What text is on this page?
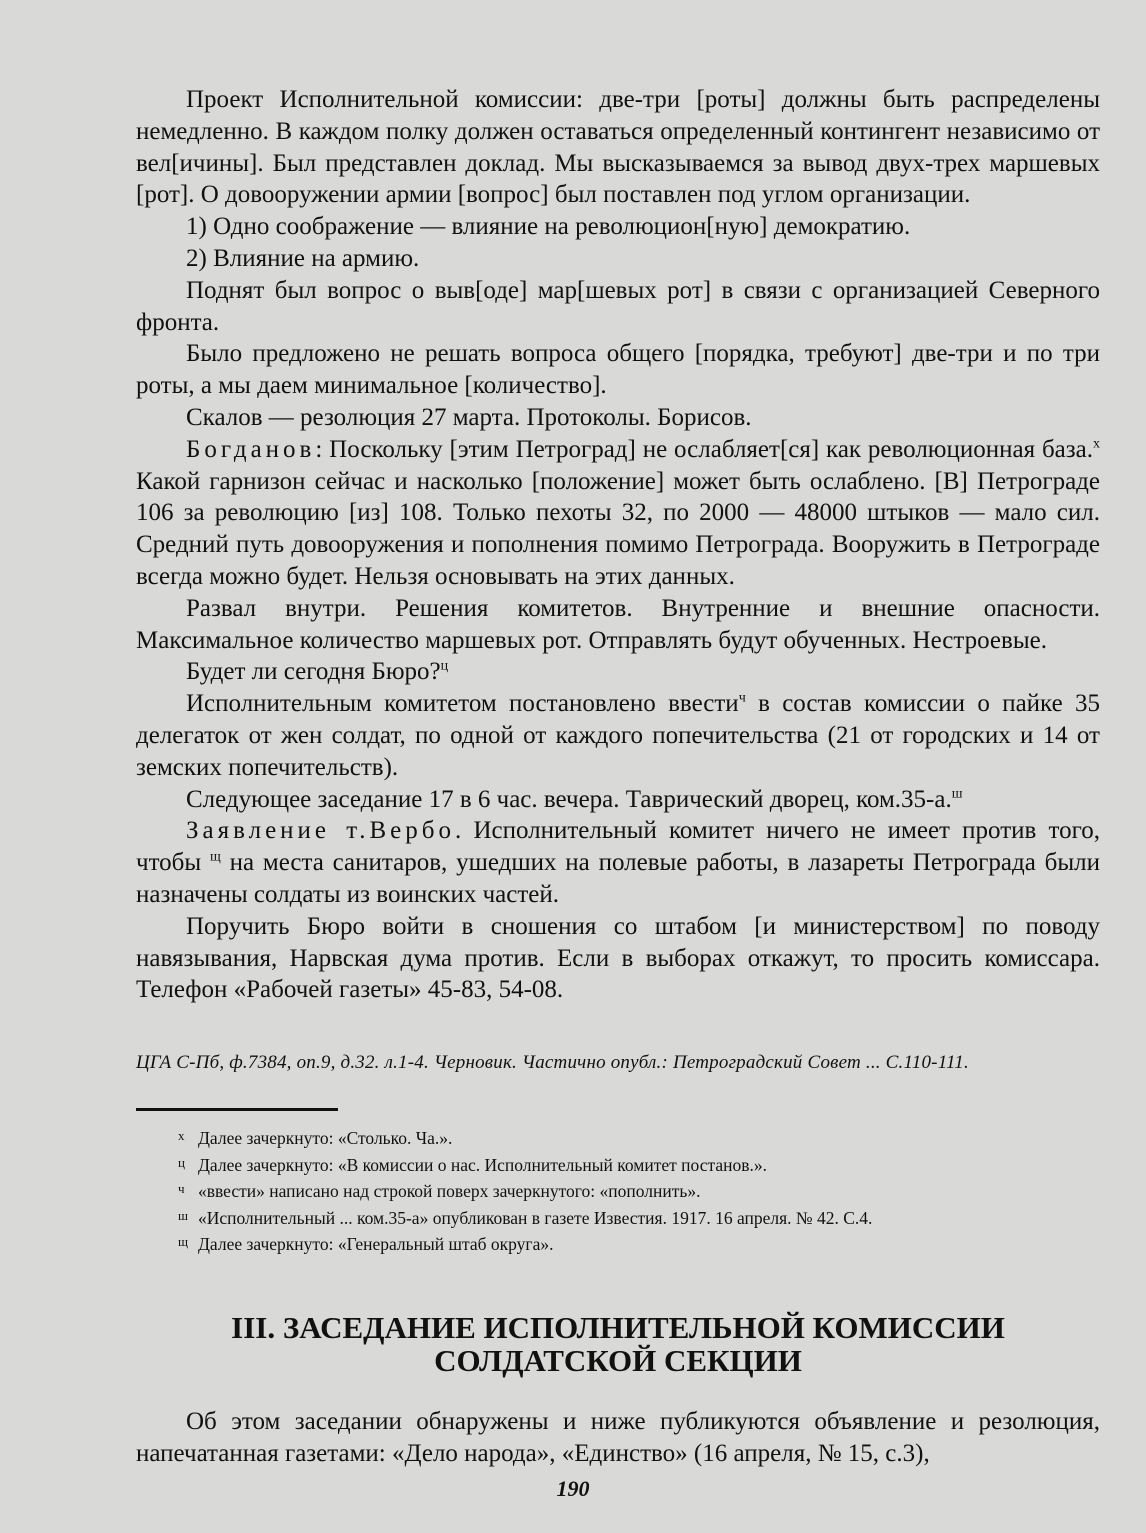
Проект Исполнительной комиссии: две-три [роты] должны быть распределены немедленно. В каждом полку должен оставаться определенный контингент независимо от вел[ичины]. Был представлен доклад. Мы высказываемся за вывод двух-трех маршевых [рот]. О довооружении армии [вопрос] был поставлен под углом организации.

1) Одно соображение — влияние на революцион[ную] демократию.

2) Влияние на армию.

Поднят был вопрос о выв[оде] мар[шевых рот] в связи с организацией Северного фронта.

Было предложено не решать вопроса общего [порядка, требуют] две-три и по три роты, а мы даем минимальное [количество].

Скалов — резолюция 27 марта. Протоколы. Борисов.

Богданов: Поскольку [этим Петроград] не ослабляет[ся] как революционная база.$^х$ Какой гарнизон сейчас и насколько [положение] может быть ослаблено. [В] Петрограде 106 за революцию [из] 108. Только пехоты 32, по 2000 — 48000 штыков — мало сил. Средний путь довооружения и пополнения помимо Петрограда. Вооружить в Петрограде всегда можно будет. Нельзя основывать на этих данных.

Развал внутри. Решения комитетов. Внутренние и внешние опасности. Максимальное количество маршевых рот. Отправлять будут обученных. Нестроевые.

Будет ли сегодня Бюро?$^ц$

Исполнительным комитетом постановлено ввести$^ч$ в состав комиссии о пайке 35 делегаток от жен солдат, по одной от каждого попечительства (21 от городских и 14 от земских попечительств).

Следующее заседание 17 в 6 час. вечера. Таврический дворец, ком.35-а.$^ш$

Заявление т.Вербо. Исполнительный комитет ничего не имеет против того, чтобы $^щ$ на места санитаров, ушедших на полевые работы, в лазареты Петрограда были назначены солдаты из воинских частей.

Поручить Бюро войти в сношения со штабом [и министерством] по поводу навязывания, Нарвская дума против. Если в выборах откажут, то просить комиссара. Телефон «Рабочей газеты» 45-83, 54-08.

ЦГА С-Пб, ф.7384, оп.9, д.32. л.1-4. Черновик. Частично опубл.: Петроградский Совет ... С.110-111.

х Далее зачеркнуто: «Столько. Ча.».

ц Далее зачеркнуто: «В комиссии о нас. Исполнительный комитет постанов.».

ч «ввести» написано над строкой поверх зачеркнутого: «пополнить».

ш «Исполнительный ... ком.35-а» опубликован в газете Известия. 1917. 16 апреля. № 42. С.4.

щ Далее зачеркнуто: «Генеральный штаб округа».

III. ЗАСЕДАНИЕ ИСПОЛНИТЕЛЬНОЙ КОМИССИИ
СОЛДАТСКОЙ СЕКЦИИ

Об этом заседании обнаружены и ниже публикуются объявление и резолюция, напечатанная газетами: «Дело народа», «Единство» (16 апреля, № 15, с.3),

190
